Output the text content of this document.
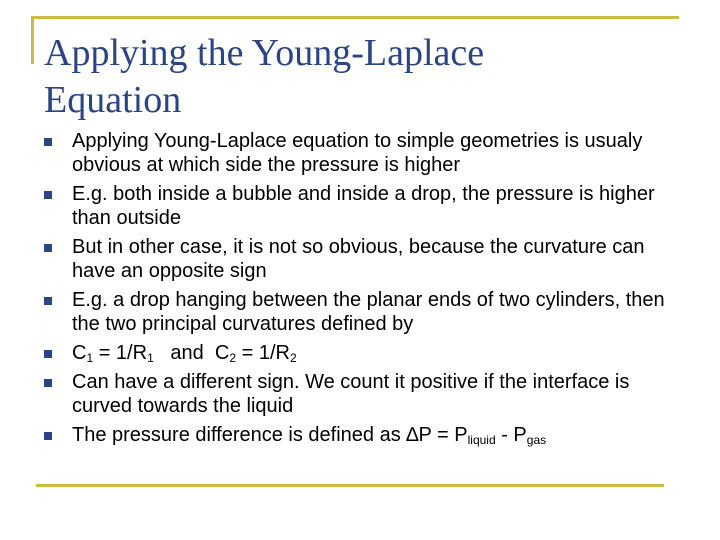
Applying the Young-Laplace
Equation
Applying Young-Laplace equation to simple geometries is usualy obvious at which side the pressure is higher
E.g. both inside a bubble and inside a drop, the pressure is higher than outside
But in other case, it is not so obvious, because the curvature can have an opposite sign
E.g. a drop hanging between the planar ends of two cylinders, then the two principal curvatures defined by
$C_1 = 1/R_1$   and  $C_2 = 1/R_2$
Can have a different sign. We count it positive if the interface is curved towards the liquid
The pressure difference is defined as $\Delta P = P_{liquid} - P_{gas}$
